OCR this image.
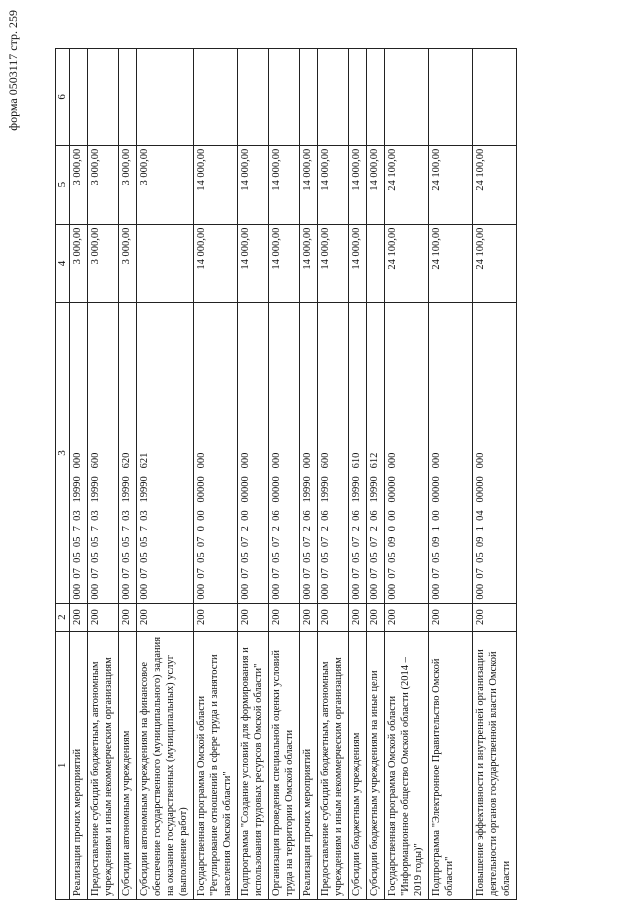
форма 0503117 стр. 259
1	2	3	4	5	6
Реализация прочих мероприятий	200	000  07  05  05  7  03   19990   000	3 000,00	3 000,00	
Предоставление субсидий бюджетным, автономным учреждениям и иным некоммерческим организациям	200	000  07  05  05  7  03   19990   600	3 000,00	3 000,00	
Субсидии автономным учреждениям	200	000  07  05  05  7  03   19990   620	3 000,00	3 000,00	
Субсидии автономным учреждениям на финансовое обеспечение государственного (муниципального) задания на оказание государственных (муниципальных) услуг (выполнение работ)	200	000  07  05  05  7  03   19990   621		3 000,00	
Государственная программа Омской области "Регулирование отношений в сфере труда и занятости населения Омской области"	200	000  07  05  07  0  00   00000   000	14 000,00	14 000,00	
Подпрограмма "Создание условий для формирования и использования трудовых ресурсов Омской области"	200	000  07  05  07  2  00   00000   000	14 000,00	14 000,00	
Организация проведения специальной оценки условий труда на территории Омской области	200	000  07  05  07  2  06   00000   000	14 000,00	14 000,00	
Реализация прочих мероприятий	200	000  07  05  07  2  06   19990   000	14 000,00	14 000,00	
Предоставление субсидий бюджетным, автономным учреждениям и иным некоммерческим организациям	200	000  07  05  07  2  06   19990   600	14 000,00	14 000,00	
Субсидии бюджетным учреждениям	200	000  07  05  07  2  06   19990   610	14 000,00	14 000,00	
Субсидии бюджетным учреждениям на иные цели	200	000  07  05  07  2  06   19990   612		14 000,00	
Государственная программа Омской области "Информационное общество Омской области (2014 – 2019 годы)"	200	000  07  05  09  0  00   00000   000	24 100,00	24 100,00	
Подпрограмма "Электронное Правительство Омской области"	200	000  07  05  09  1  00   00000   000	24 100,00	24 100,00	
Повышение эффективности и внутренней организации деятельности органов государственной власти Омской области	200	000  07  05  09  1  04   00000   000	24 100,00	24 100,00	
